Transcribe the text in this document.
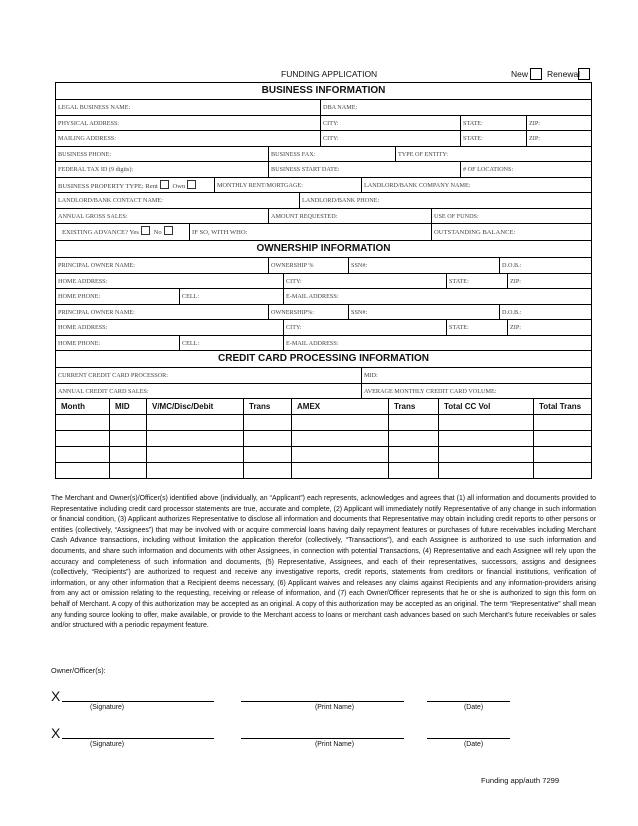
FUNDING APPLICATION	New Renewal
BUSINESS INFORMATION
LEGAL BUSINESS NAME:	DBA NAME:
PHYSICAL ADDRESS:	CITY:	STATE:	ZIP:
MAILING ADDRESS:	CITY:	STATE:	ZIP:
BUSINESS PHONE:	BUSINESS FAX:	TYPE OF ENTITY:
FEDERAL TAX ID (9 digits):	BUSINESS START DATE:	# OF LOCATIONS:
BUSINESS PROPERTY TYPE: Rent Own	MONTHLY RENT/MORTGAGE:	LANDLORD/BANK COMPANY NAME:
LANDLORD/BANK CONTACT NAME:	LANDLORD/BANK PHONE:
ANNUAL GROSS SALES:	AMOUNT REQUESTED:	USE OF FUNDS:
EXISTING ADVANCE? Yes No	IF SO, WITH WHO:	OUTSTANDING BALANCE:
OWNERSHIP INFORMATION
PRINCIPAL OWNER NAME:	OWNERSHIP %	SSN#:	D.O.B.:
HOME ADDRESS:	CITY:	STATE:	ZIP:
HOME PHONE:	CELL:	E-MAIL ADDRESS:
PRINCIPAL OWNER NAME:	OWNERSHIP%:	SSN#:	D.O.B.:
HOME ADDRESS:	CITY:	STATE:	ZIP:
HOME PHONE:	CELL:	E-MAIL ADDRESS:
CREDIT CARD PROCESSING INFORMATION
CURRENT CREDIT CARD PROCESSOR:	MID:
ANNUAL CREDIT CARD SALES:	AVERAGE MONTHLY CREDIT CARD VOLUME:
Month	MID	V/MC/Disc/Debit	Trans	AMEX	Trans	Total CC Vol	Total Trans
The Merchant and Owner(s)/Officer(s) identified above (individually, an “Applicant”) each represents, acknowledges and agrees that (1) all information and documents provided to Representative including credit card processor statements are true, accurate and complete, (2) Applicant will immediately notify Representative of any change in such information or financial condition, (3) Applicant authorizes Representative to disclose all information and documents that Representative may obtain including credit reports to other persons or entities (collectively, “Assignees”) that may be involved with or acquire commercial loans having daily repayment features or purchases of future receivables including Merchant Cash Advance transactions, including without limitation the application therefor (collectively, “Transactions”), and each Assignee is authorized to use such information and documents, and share such information and documents with other Assignees, in connection with potential Transactions, (4) Representative and each Assignee will rely upon the accuracy and completeness of such information and documents, (5) Representative, Assignees, and each of their representatives, successors, assigns and designees (collectively, “Recipients”) are authorized to request and receive any investigative reports, credit reports, statements from creditors or financial institutions, verification of information, or any other information that a Recipient deems necessary, (6) Applicant waives and releases any claims against Recipients and any information-providers arising from any act or omission relating to the requesting, receiving or release of information, and (7) each Owner/Officer represents that he or she is authorized to sign this form on behalf of Merchant. A copy of this authorization may be accepted as an original. A copy of this authorization may be accepted as an original. The term “Representative” shall mean any funding source looking to offer, make available, or provide to the Merchant access to loans or merchant cash advances based on such Merchant’s future receivables or sales and/or structured with a periodic repayment feature.
Owner/Officer(s):
X
(Signature)	(Print Name)	(Date)
X
(Signature)	(Print Name)	(Date)
Funding app/auth 7299
